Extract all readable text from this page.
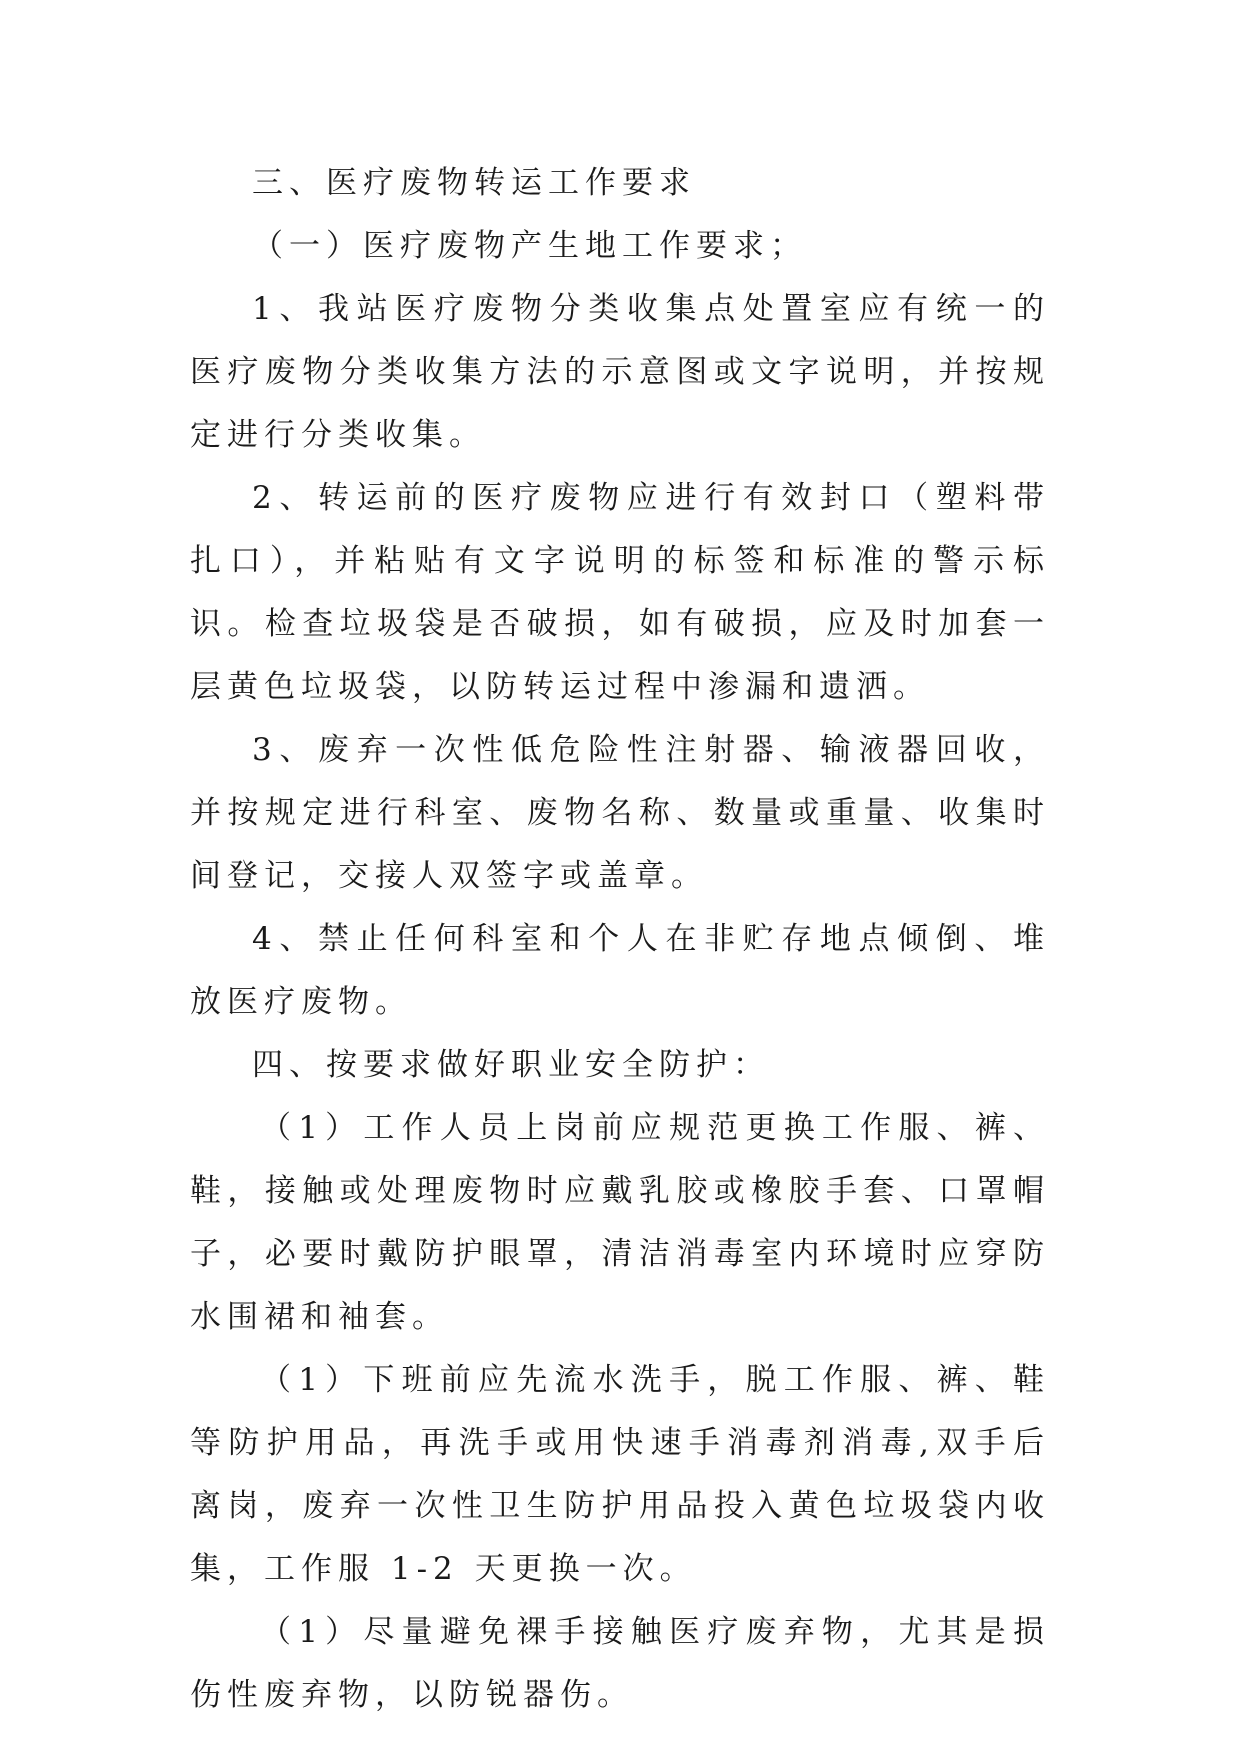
三、医疗废物转运工作要求

（一）医疗废物产生地工作要求；

1、我站医疗废物分类收集点处置室应有统一的医疗废物分类收集方法的示意图或文字说明，并按规定进行分类收集。

2、转运前的医疗废物应进行有效封口（塑料带扎口），并粘贴有文字说明的标签和标准的警示标识。检查垃圾袋是否破损，如有破损，应及时加套一层黄色垃圾袋，以防转运过程中渗漏和遗洒。

3、废弃一次性低危险性注射器、输液器回收，并按规定进行科室、废物名称、数量或重量、收集时间登记，交接人双签字或盖章。

4、禁止任何科室和个人在非贮存地点倾倒、堆放医疗废物。

四、按要求做好职业安全防护：

（1）工作人员上岗前应规范更换工作服、裤、鞋，接触或处理废物时应戴乳胶或橡胶手套、口罩帽子，必要时戴防护眼罩，清洁消毒室内环境时应穿防水围裙和袖套。

（1）下班前应先流水洗手，脱工作服、裤、鞋等防护用品，再洗手或用快速手消毒剂消毒,双手后离岗，废弃一次性卫生防护用品投入黄色垃圾袋内收集，工作服 1-2 天更换一次。

（1）尽量避免裸手接触医疗废弃物，尤其是损伤性废弃物，以防锐器伤。
